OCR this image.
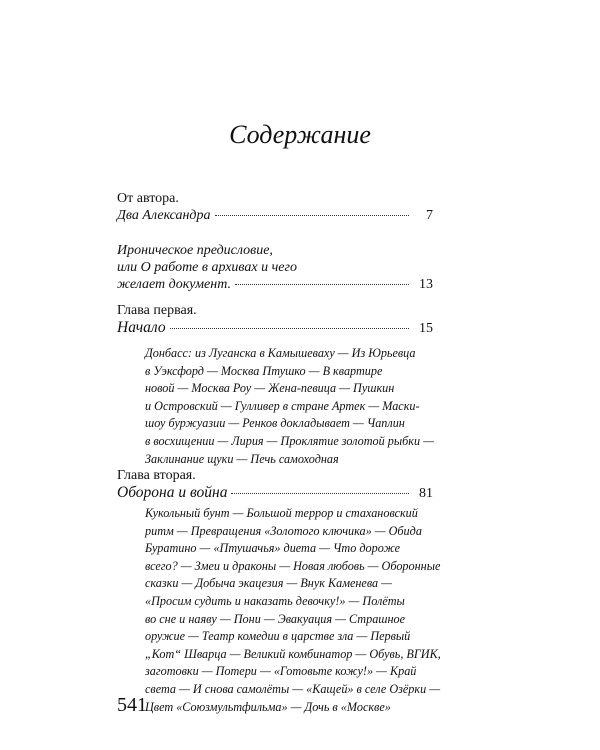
Содержание
От автора.
Два Александра	7
Ироническое предисловие,
или О работе в архивах и чего
желает документ.	13
Глава первая.
Начало	15
Донбасс: из Луганска в Камышеваху — Из Юрьевца
в Уэксфорд — Москва Птушко — В квартире
новой — Москва Роу — Жена-певица — Пушкин
и Островский — Гулливер в стране Артек — Маски-
шоу буржуазии — Ренков докладывает — Чаплин
в восхищении — Лирия — Проклятие золотой рыбки —
Заклинание щуки — Печь самоходная
Глава вторая.
Оборона и война	81
Кукольный бунт — Большой террор и стахановский
ритм — Превращения «Золотого ключика» — Обида
Буратино — «Птушачья» диета — Что дороже
всего? — Змеи и драконы — Новая любовь — Оборонные
сказки — Добыча экацезия — Внук Каменева —
«Просим судить и наказать девочку!» — Полёты
во сне и наяву — Пони — Эвакуация — Страшное
оружие — Театр комедии в царстве зла — Первый
„Кот“ Шварца — Великий комбинатор — Обувь, ВГИК,
заготовки — Потери — «Готовьте кожу!» — Край
света — И снова самолёты — «Кащей» в селе Озёрки —
Цвет «Союзмультфильма» — Дочь в «Москве»
541
